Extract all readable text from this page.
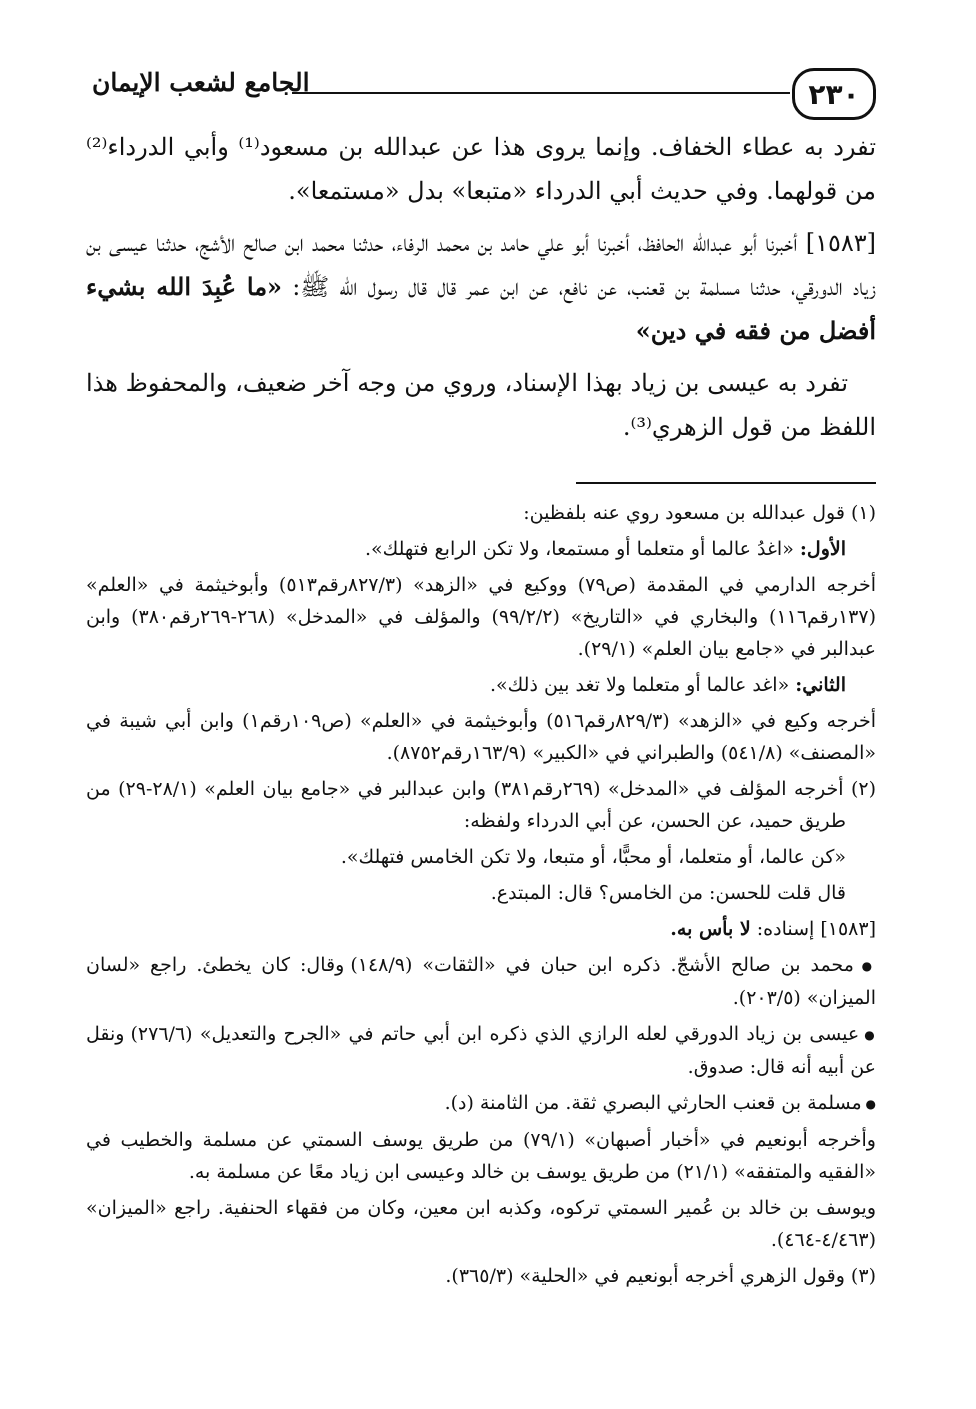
٢٣٠
الجامع لشعب الإيمان

تفرد به عطاء الخفاف. وإنما يروى هذا عن عبدالله بن مسعود⁽¹⁾ وأبي الدرداء⁽²⁾ من قولهما. وفي حديث أبي الدرداء «متبعا» بدل «مستمعا».

[١٥٨٣] أخبرنا أبو عبدالله الحافظ، أخبرنا أبو علي حامد بن محمد الرفاء، حدثنا محمد ابن صالح الأشج، حدثنا عيسى بن زياد الدورقي، حدثنا مسلمة بن قعنب، عن نافع، عن ابن عمر قال قال رسول الله ﷺ: «ما عُبِدَ الله بشيء أفضل من فقه في دين»

تفرد به عيسى بن زياد بهذا الإسناد، وروي من وجه آخر ضعيف، والمحفوظ هذا اللفظ من قول الزهري⁽³⁾.

(١) قول عبدالله بن مسعود روي عنه بلفظين:

الأول: «اغدُ عالما أو متعلما أو مستمعا، ولا تكن الرابع فتهلك».

أخرجه الدارمي في المقدمة (ص٧٩) ووكيع في «الزهد» (٨٢٧/٣رقم٥١٣) وأبوخيثمة في «العلم» (١٣٧رقم١١٦) والبخاري في «التاريخ» (٩٩/٢/٢) والمؤلف في «المدخل» (٢٦٨-٢٦٩رقم٣٨٠) وابن عبدالبر في «جامع بيان العلم» (٢٩/١).

الثاني: «اغد عالما أو متعلما ولا تغد بين ذلك».

أخرجه وكيع في «الزهد» (٨٢٩/٣رقم٥١٦) وأبوخيثمة في «العلم» (ص١٠٩رقم١) وابن أبي شيبة في «المصنف» (٥٤١/٨) والطبراني في «الكبير» (١٦٣/٩رقم٨٧٥٢).

(٢) أخرجه المؤلف في «المدخل» (٢٦٩رقم٣٨١) وابن عبدالبر في «جامع بيان العلم» (٢٨/١-٢٩) من طريق حميد، عن الحسن، عن أبي الدرداء ولفظه:

«كن عالما، أو متعلما، أو محبًّا، أو متبعا، ولا تكن الخامس فتهلك».

قال قلت للحسن: من الخامس؟ قال: المبتدع.

[١٥٨٣] إسناده: لا بأس به.

● محمد بن صالح الأشجّ. ذكره ابن حبان في «الثقات» (١٤٨/٩) وقال: كان يخطئ. راجع «لسان الميزان» (٢٠٣/٥).

● عيسى بن زياد الدورقي لعله الرازي الذي ذكره ابن أبي حاتم في «الجرح والتعديل» (٢٧٦/٦) ونقل عن أبيه أنه قال: صدوق.

● مسلمة بن قعنب الحارثي البصري ثقة. من الثامنة (د).

وأخرجه أبونعيم في «أخبار أصبهان» (٧٩/١) من طريق يوسف السمتي عن مسلمة والخطيب في «الفقيه والمتفقه» (٢١/١) من طريق يوسف بن خالد وعيسى ابن زياد معًا عن مسلمة به.

ويوسف بن خالد بن عُمير السمتي تركوه، وكذبه ابن معين، وكان من فقهاء الحنفية. راجع «الميزان» (٤/٤٦٣-٤٦٤).

(٣) وقول الزهري أخرجه أبونعيم في «الحلية» (٣٦٥/٣).
